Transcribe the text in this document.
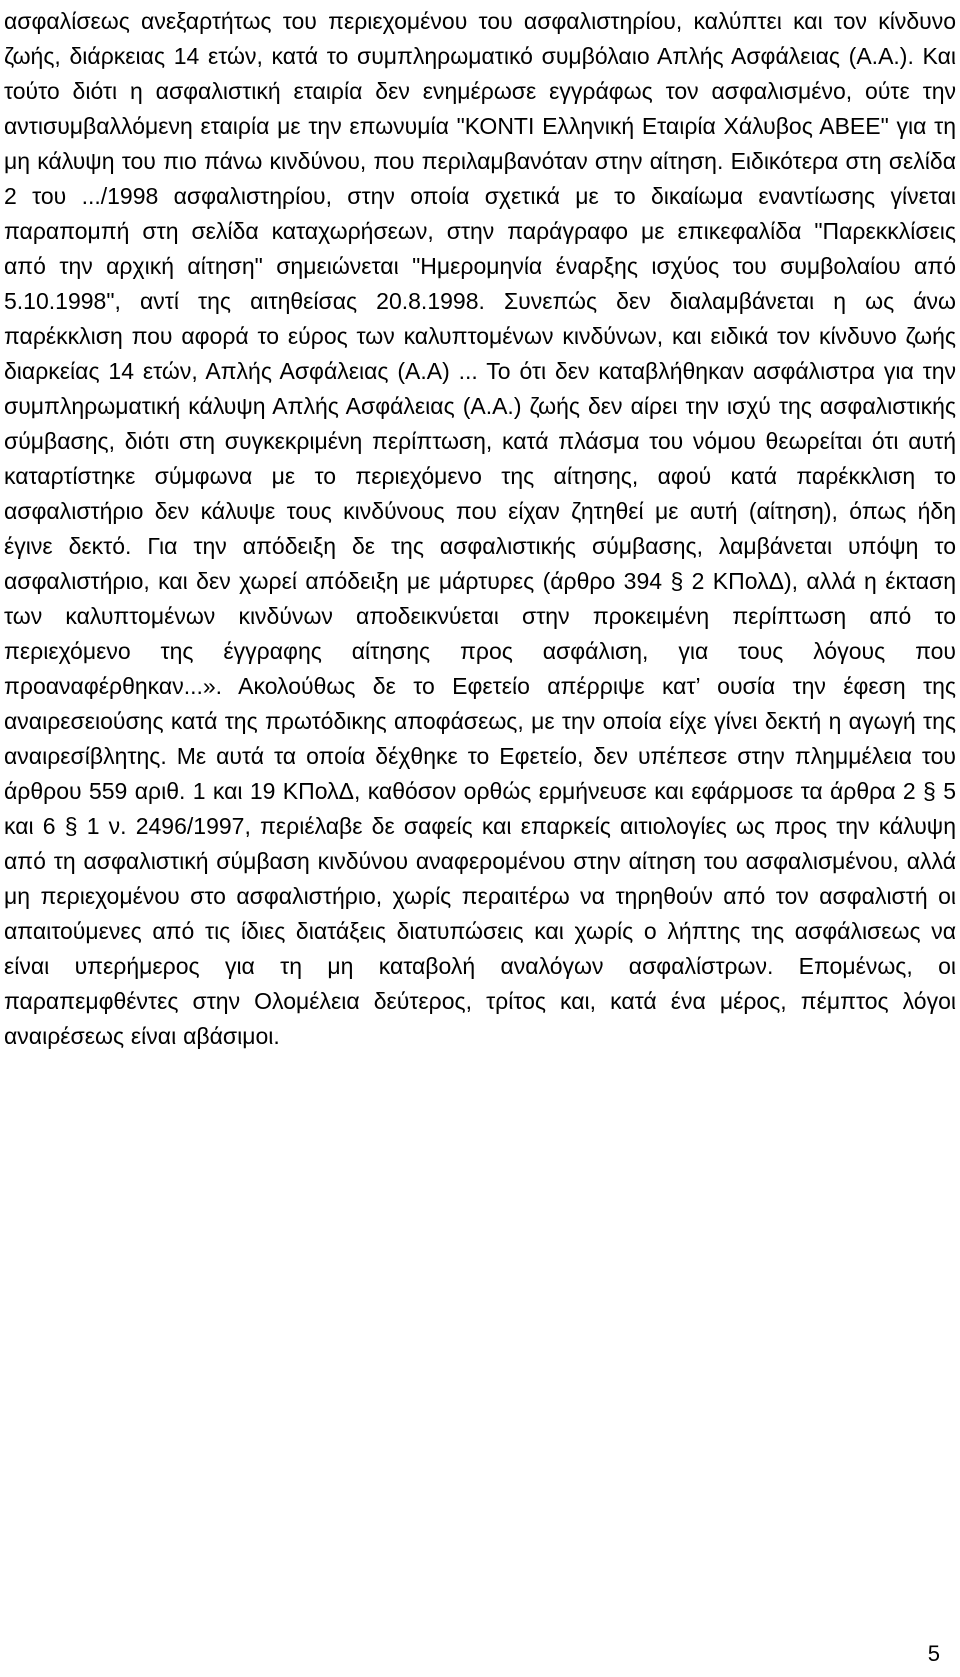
ασφαλίσεως ανεξαρτήτως του περιεχομένου του ασφαλιστηρίου, καλύπτει και τον κίνδυνο ζωής, διάρκειας 14 ετών, κατά το συμπληρωματικό συμβόλαιο Απλής Ασφάλειας (Α.Α.). Και τούτο διότι η ασφαλιστική εταιρία δεν ενημέρωσε εγγράφως τον ασφαλισμένο, ούτε την αντισυμβαλλόμενη εταιρία με την επωνυμία "ΚΟΝΤΙ Ελληνική Εταιρία Χάλυβος ΑΒΕΕ" για τη μη κάλυψη του πιο πάνω κινδύνου, που περιλαμβανόταν στην αίτηση. Ειδικότερα στη σελίδα 2 του .../1998 ασφαλιστηρίου, στην οποία σχετικά με το δικαίωμα εναντίωσης γίνεται παραπομπή στη σελίδα καταχωρήσεων, στην παράγραφο με επικεφαλίδα "Παρεκκλίσεις από την αρχική αίτηση" σημειώνεται "Ημερομηνία έναρξης ισχύος του συμβολαίου από 5.10.1998", αντί της αιτηθείσας 20.8.1998. Συνεπώς δεν διαλαμβάνεται η ως άνω παρέκκλιση που αφορά το εύρος των καλυπτομένων κινδύνων, και ειδικά τον κίνδυνο ζωής διαρκείας 14 ετών, Απλής Ασφάλειας (Α.Α) ... Το ότι δεν καταβλήθηκαν ασφάλιστρα για την συμπληρωματική κάλυψη Απλής Ασφάλειας (Α.Α.) ζωής δεν αίρει την ισχύ της ασφαλιστικής σύμβασης, διότι στη συγκεκριμένη περίπτωση, κατά πλάσμα του νόμου θεωρείται ότι αυτή καταρτίστηκε σύμφωνα με το περιεχόμενο της αίτησης, αφού κατά παρέκκλιση το ασφαλιστήριο δεν κάλυψε τους κινδύνους που είχαν ζητηθεί με αυτή (αίτηση), όπως ήδη έγινε δεκτό. Για την απόδειξη δε της ασφαλιστικής σύμβασης, λαμβάνεται υπόψη το ασφαλιστήριο, και δεν χωρεί απόδειξη με μάρτυρες (άρθρο 394 § 2 ΚΠολΔ), αλλά η έκταση των καλυπτομένων κινδύνων αποδεικνύεται στην προκειμένη περίπτωση από το περιεχόμενο της έγγραφης αίτησης προς ασφάλιση, για τους λόγους που προαναφέρθηκαν...». Ακολούθως δε το Εφετείο απέρριψε κατ’ ουσία την έφεση της αναιρεσειούσης κατά της πρωτόδικης αποφάσεως, με την οποία είχε γίνει δεκτή η αγωγή της αναιρεσίβλητης. Με αυτά τα οποία δέχθηκε το Εφετείο, δεν υπέπεσε στην πλημμέλεια του άρθρου 559 αριθ. 1 και 19 ΚΠολΔ, καθόσον ορθώς ερμήνευσε και εφάρμοσε τα άρθρα 2 § 5 και 6 § 1 ν. 2496/1997, περιέλαβε δε σαφείς και επαρκείς αιτιολογίες ως προς την κάλυψη από τη ασφαλιστική σύμβαση κινδύνου αναφερομένου στην αίτηση του ασφαλισμένου, αλλά μη περιεχομένου στο ασφαλιστήριο, χωρίς περαιτέρω να τηρηθούν από τον ασφαλιστή οι απαιτούμενες από τις ίδιες διατάξεις διατυπώσεις και χωρίς ο λήπτης της ασφάλισεως να είναι υπερήμερος για τη μη καταβολή αναλόγων ασφαλίστρων. Επομένως, οι παραπεμφθέντες στην Ολομέλεια δεύτερος, τρίτος και, κατά ένα μέρος, πέμπτος λόγοι αναιρέσεως είναι αβάσιμοι.
5
